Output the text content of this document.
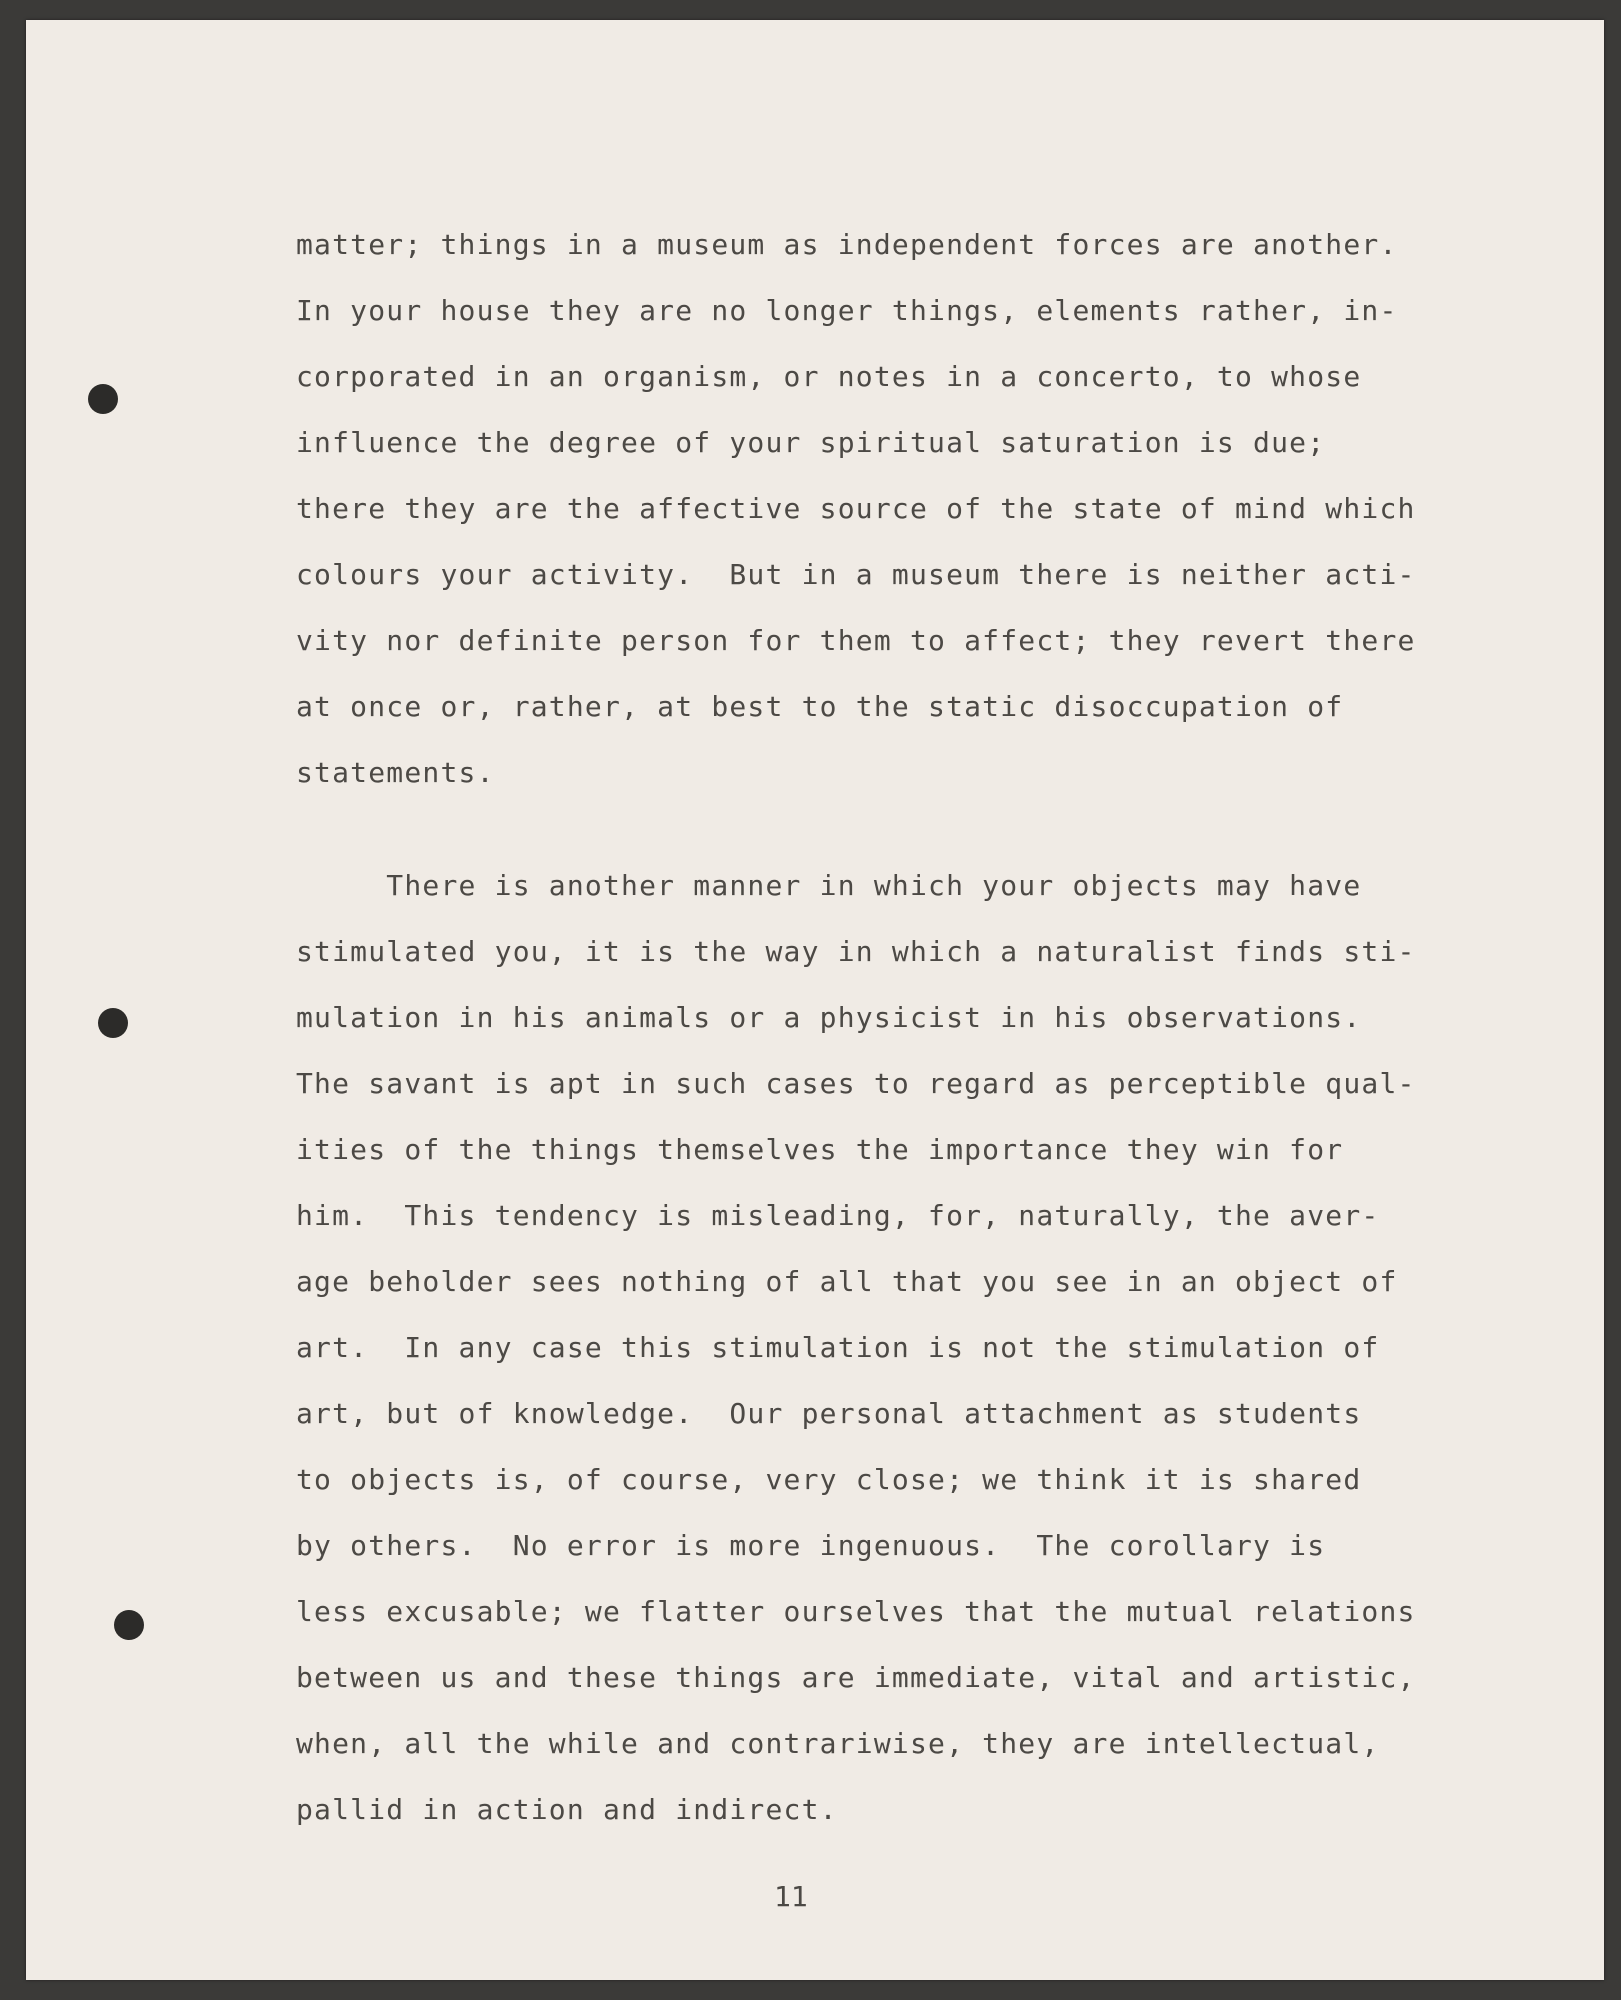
matter; things in a museum as independent forces are another.

In your house they are no longer things, elements rather, in-

corporated in an organism, or notes in a concerto, to whose

influence the degree of your spiritual saturation is due;

there they are the affective source of the state of mind which

colours your activity.  But in a museum there is neither acti-

vity nor definite person for them to affect; they revert there

at once or, rather, at best to the static disoccupation of

statements.

There is another manner in which your objects may have

stimulated you, it is the way in which a naturalist finds sti-

mulation in his animals or a physicist in his observations.

The savant is apt in such cases to regard as perceptible qual-

ities of the things themselves the importance they win for

him.  This tendency is misleading, for, naturally, the aver-

age beholder sees nothing of all that you see in an object of

art.  In any case this stimulation is not the stimulation of

art, but of knowledge.  Our personal attachment as students

to objects is, of course, very close; we think it is shared

by others.  No error is more ingenuous.  The corollary is

less excusable; we flatter ourselves that the mutual relations

between us and these things are immediate, vital and artistic,

when, all the while and contrariwise, they are intellectual,

pallid in action and indirect.

11
